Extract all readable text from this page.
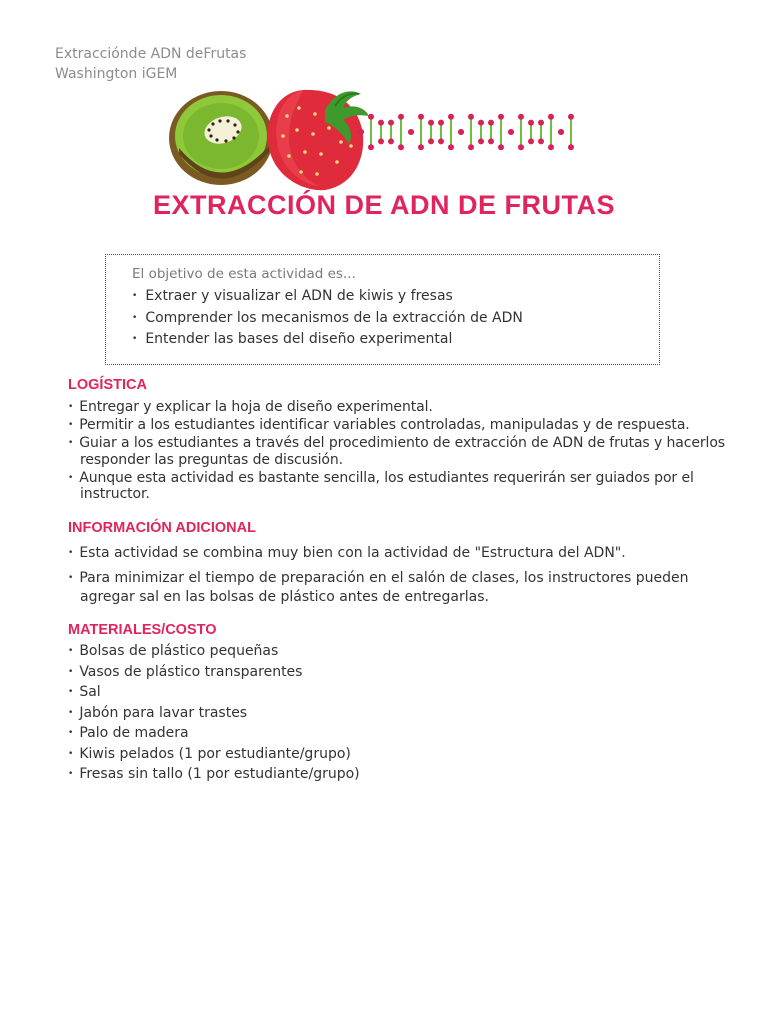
Extracciónde ADN deFrutas
Washington iGEM
EXTRACCIÓN DE ADN DE FRUTAS
El objetivo de esta actividad es...
• Extraer y visualizar el ADN de kiwis y fresas
• Comprender los mecanismos de la extracción de ADN
• Entender las bases del diseño experimental
LOGÍSTICA
• Entregar y explicar la hoja de diseño experimental.
• Permitir a los estudiantes identificar variables controladas, manipuladas y de respuesta.
• Guiar a los estudiantes a través del procedimiento de extracción de ADN de frutas y hacerlos responder las preguntas de discusión.
• Aunque esta actividad es bastante sencilla, los estudiantes requerirán ser guiados por el instructor.
INFORMACIÓN ADICIONAL
• Esta actividad se combina muy bien con la actividad de "Estructura del ADN".
• Para minimizar el tiempo de preparación en el salón de clases, los instructores pueden agregar sal en las bolsas de plástico antes de entregarlas.
MATERIALES/COSTO
• Bolsas de plástico pequeñas
• Vasos de plástico transparentes
• Sal
• Jabón para lavar trastes
• Palo de madera
• Kiwis pelados (1 por estudiante/grupo)
• Fresas sin tallo (1 por estudiante/grupo)
